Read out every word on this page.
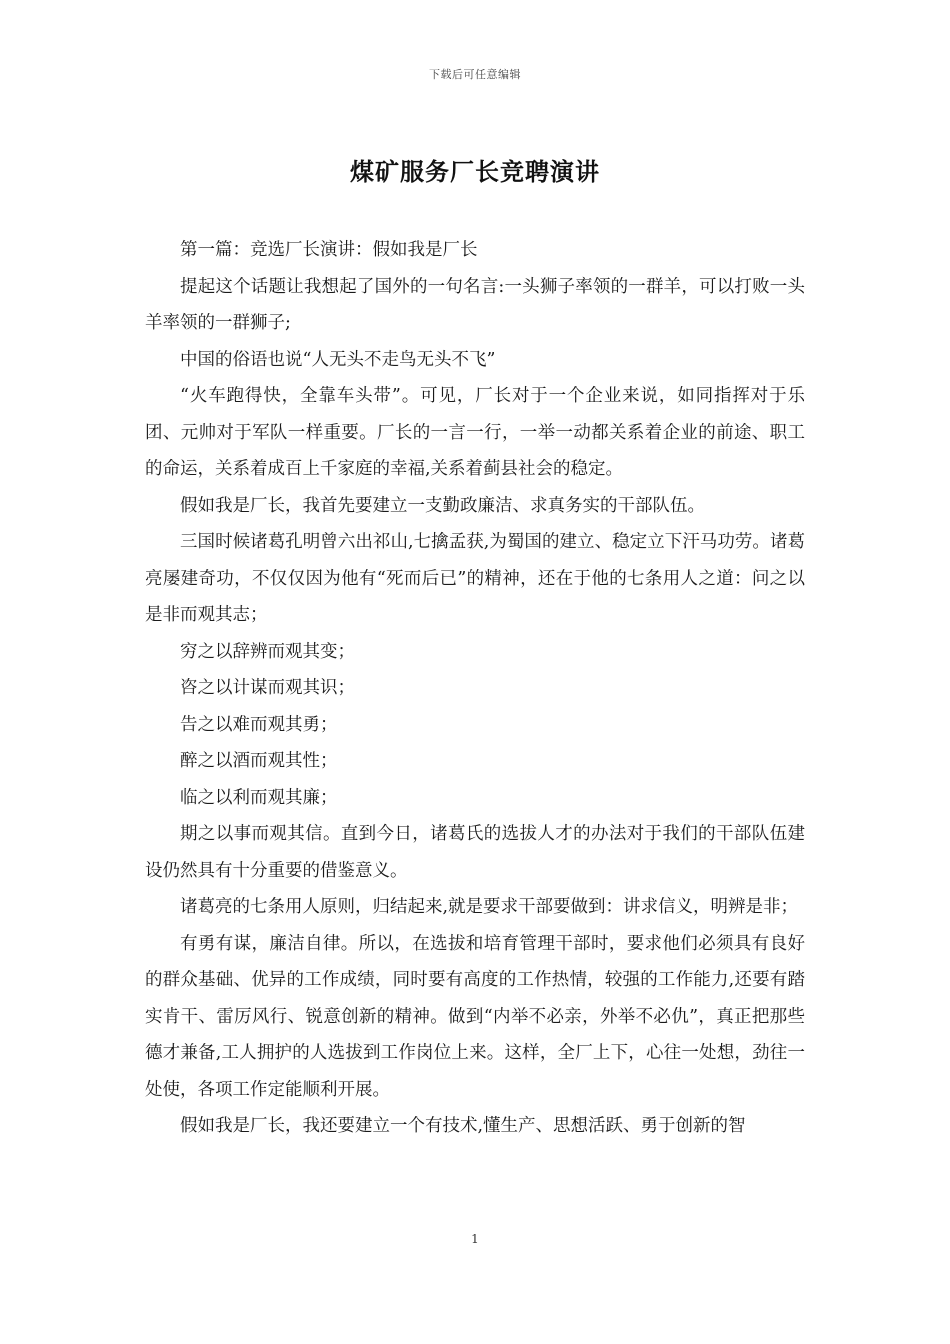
下载后可任意编辑
煤矿服务厂长竞聘演讲

第一篇：竞选厂长演讲：假如我是厂长

提起这个话题让我想起了国外的一句名言:一头狮子率领的一群羊，可以打败一头羊率领的一群狮子;

中国的俗语也说“人无头不走鸟无头不飞”

“火车跑得快，全靠车头带”。可见，厂长对于一个企业来说，如同指挥对于乐团、元帅对于军队一样重要。厂长的一言一行，一举一动都关系着企业的前途、职工的命运，关系着成百上千家庭的幸福,关系着蓟县社会的稳定。

假如我是厂长，我首先要建立一支勤政廉洁、求真务实的干部队伍。

三国时候诸葛孔明曾六出祁山,七擒孟获,为蜀国的建立、稳定立下汗马功劳。诸葛亮屡建奇功，不仅仅因为他有“死而后已”的精神，还在于他的七条用人之道：问之以是非而观其志；

穷之以辞辨而观其变；

咨之以计谋而观其识；

告之以难而观其勇；

醉之以酒而观其性；

临之以利而观其廉；

期之以事而观其信。直到今日，诸葛氏的选拔人才的办法对于我们的干部队伍建设仍然具有十分重要的借鉴意义。

诸葛亮的七条用人原则，归结起来,就是要求干部要做到：讲求信义，明辨是非；

有勇有谋，廉洁自律。所以，在选拔和培育管理干部时，要求他们必须具有良好的群众基础、优异的工作成绩，同时要有高度的工作热情，较强的工作能力,还要有踏实肯干、雷厉风行、锐意创新的精神。做到“内举不必亲，外举不必仇”，真正把那些德才兼备,工人拥护的人选拔到工作岗位上来。这样，全厂上下，心往一处想，劲往一处使，各项工作定能顺利开展。

假如我是厂长，我还要建立一个有技术,懂生产、思想活跃、勇于创新的智

1
